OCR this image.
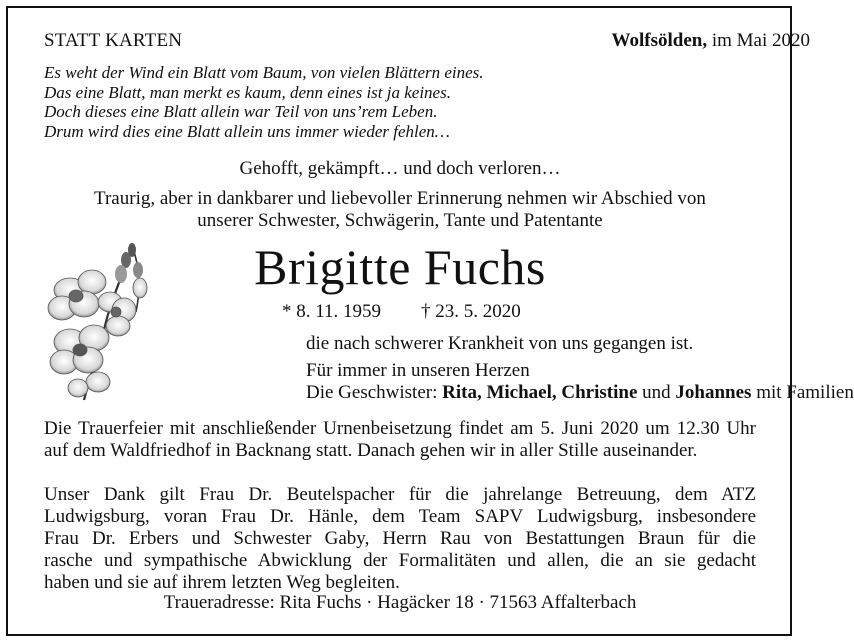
STATT KARTEN	Wolfsölden, im Mai 2020
Es weht der Wind ein Blatt vom Baum, von vielen Blättern eines.
Das eine Blatt, man merkt es kaum, denn eines ist ja keines.
Doch dieses eine Blatt allein war Teil von uns’rem Leben.
Drum wird dies eine Blatt allein uns immer wieder fehlen…
Gehofft, gekämpft… und doch verloren…
Traurig, aber in dankbarer und liebevoller Erinnerung nehmen wir Abschied von
unserer Schwester, Schwägerin, Tante und Patentante
Brigitte Fuchs
* 8. 11. 1959 † 23. 5. 2020
die nach schwerer Krankheit von uns gegangen ist.
Für immer in unseren Herzen
Die Geschwister: Rita, Michael, Christine und Johannes mit Familien
Die Trauerfeier mit anschließender Urnenbeisetzung findet am 5. Juni 2020 um 12.30 Uhr
auf dem Waldfriedhof in Backnang statt. Danach gehen wir in aller Stille auseinander.
Unser Dank gilt Frau Dr. Beutelspacher für die jahrelange Betreuung, dem ATZ
Ludwigsburg, voran Frau Dr. Hänle, dem Team SAPV Ludwigsburg, insbesondere
Frau Dr. Erbers und Schwester Gaby, Herrn Rau von Bestattungen Braun für die
rasche und sympathische Abwicklung der Formalitäten und allen, die an sie gedacht
haben und sie auf ihrem letzten Weg begleiten.
Traueradresse: Rita Fuchs · Hagäcker 18 · 71563 Affalterbach
